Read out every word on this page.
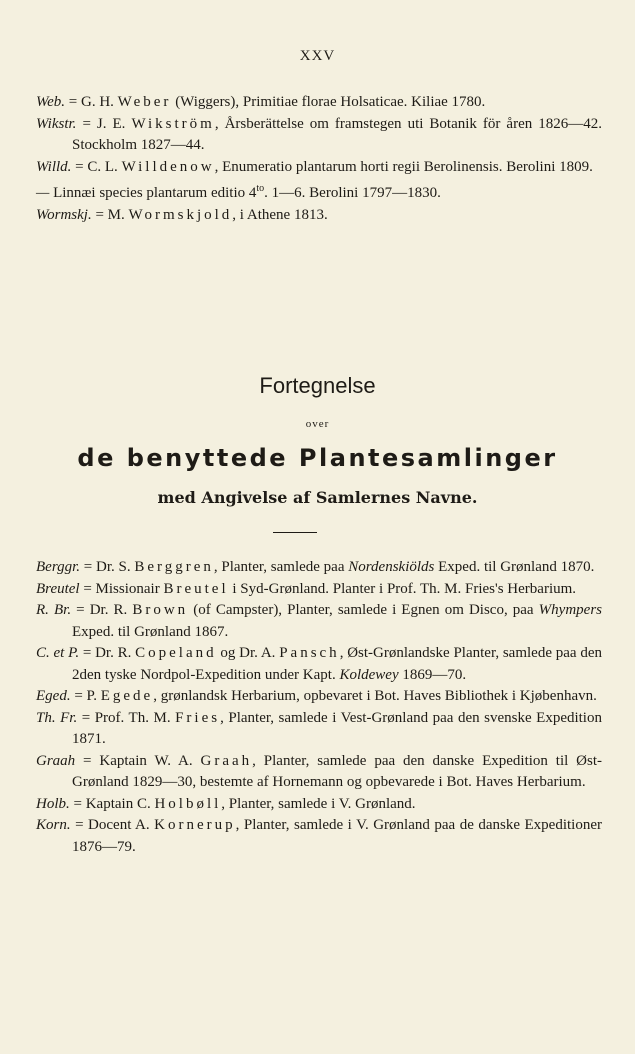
XXV

Web. = G. H. Weber (Wiggers), Primitiae florae Holsaticae. Kiliae 1780.

Wikstr. = J. E. Wikström, Årsberättelse om framstegen uti Botanik för åren 1826—42. Stockholm 1827—44.

Willd. = C. L. Willdenow, Enumeratio plantarum horti regii Berolinensis. Berolini 1809.

— Linnæi species plantarum editio $4^{to}$. 1—6. Berolini 1797—1830.

Wormskj. = M. Wormskjold, i Athene 1813.

Fortegnelse
over
de benyttede Plantesamlinger
med Angivelse af Samlernes Navne.

Berggr. = Dr. S. Berggren, Planter, samlede paa Nordenskiölds Exped. til Grønland 1870.

Breutel = Missionair Breutel i Syd-Grønland. Planter i Prof. Th. M. Fries's Herbarium.

R. Br. = Dr. R. Brown (of Campster), Planter, samlede i Egnen om Disco, paa Whympers Exped. til Grønland 1867.

C. et P. = Dr. R. Copeland og Dr. A. Pansch, Øst-Grønlandske Planter, samlede paa den 2den tyske Nordpol-Expedition under Kapt. Koldewey 1869—70.

Eged. = P. Egede, grønlandsk Herbarium, opbevaret i Bot. Haves Bibliothek i Kjøbenhavn.

Th. Fr. = Prof. Th. M. Fries, Planter, samlede i Vest-Grønland paa den svenske Expedition 1871.

Graah = Kaptain W. A. Graah, Planter, samlede paa den danske Expedition til Øst-Grønland 1829—30, bestemte af Hornemann og opbevarede i Bot. Haves Herbarium.

Holb. = Kaptain C. Holbøll, Planter, samlede i V. Grønland.

Korn. = Docent A. Kornerup, Planter, samlede i V. Grønland paa de danske Expeditioner 1876—79.
